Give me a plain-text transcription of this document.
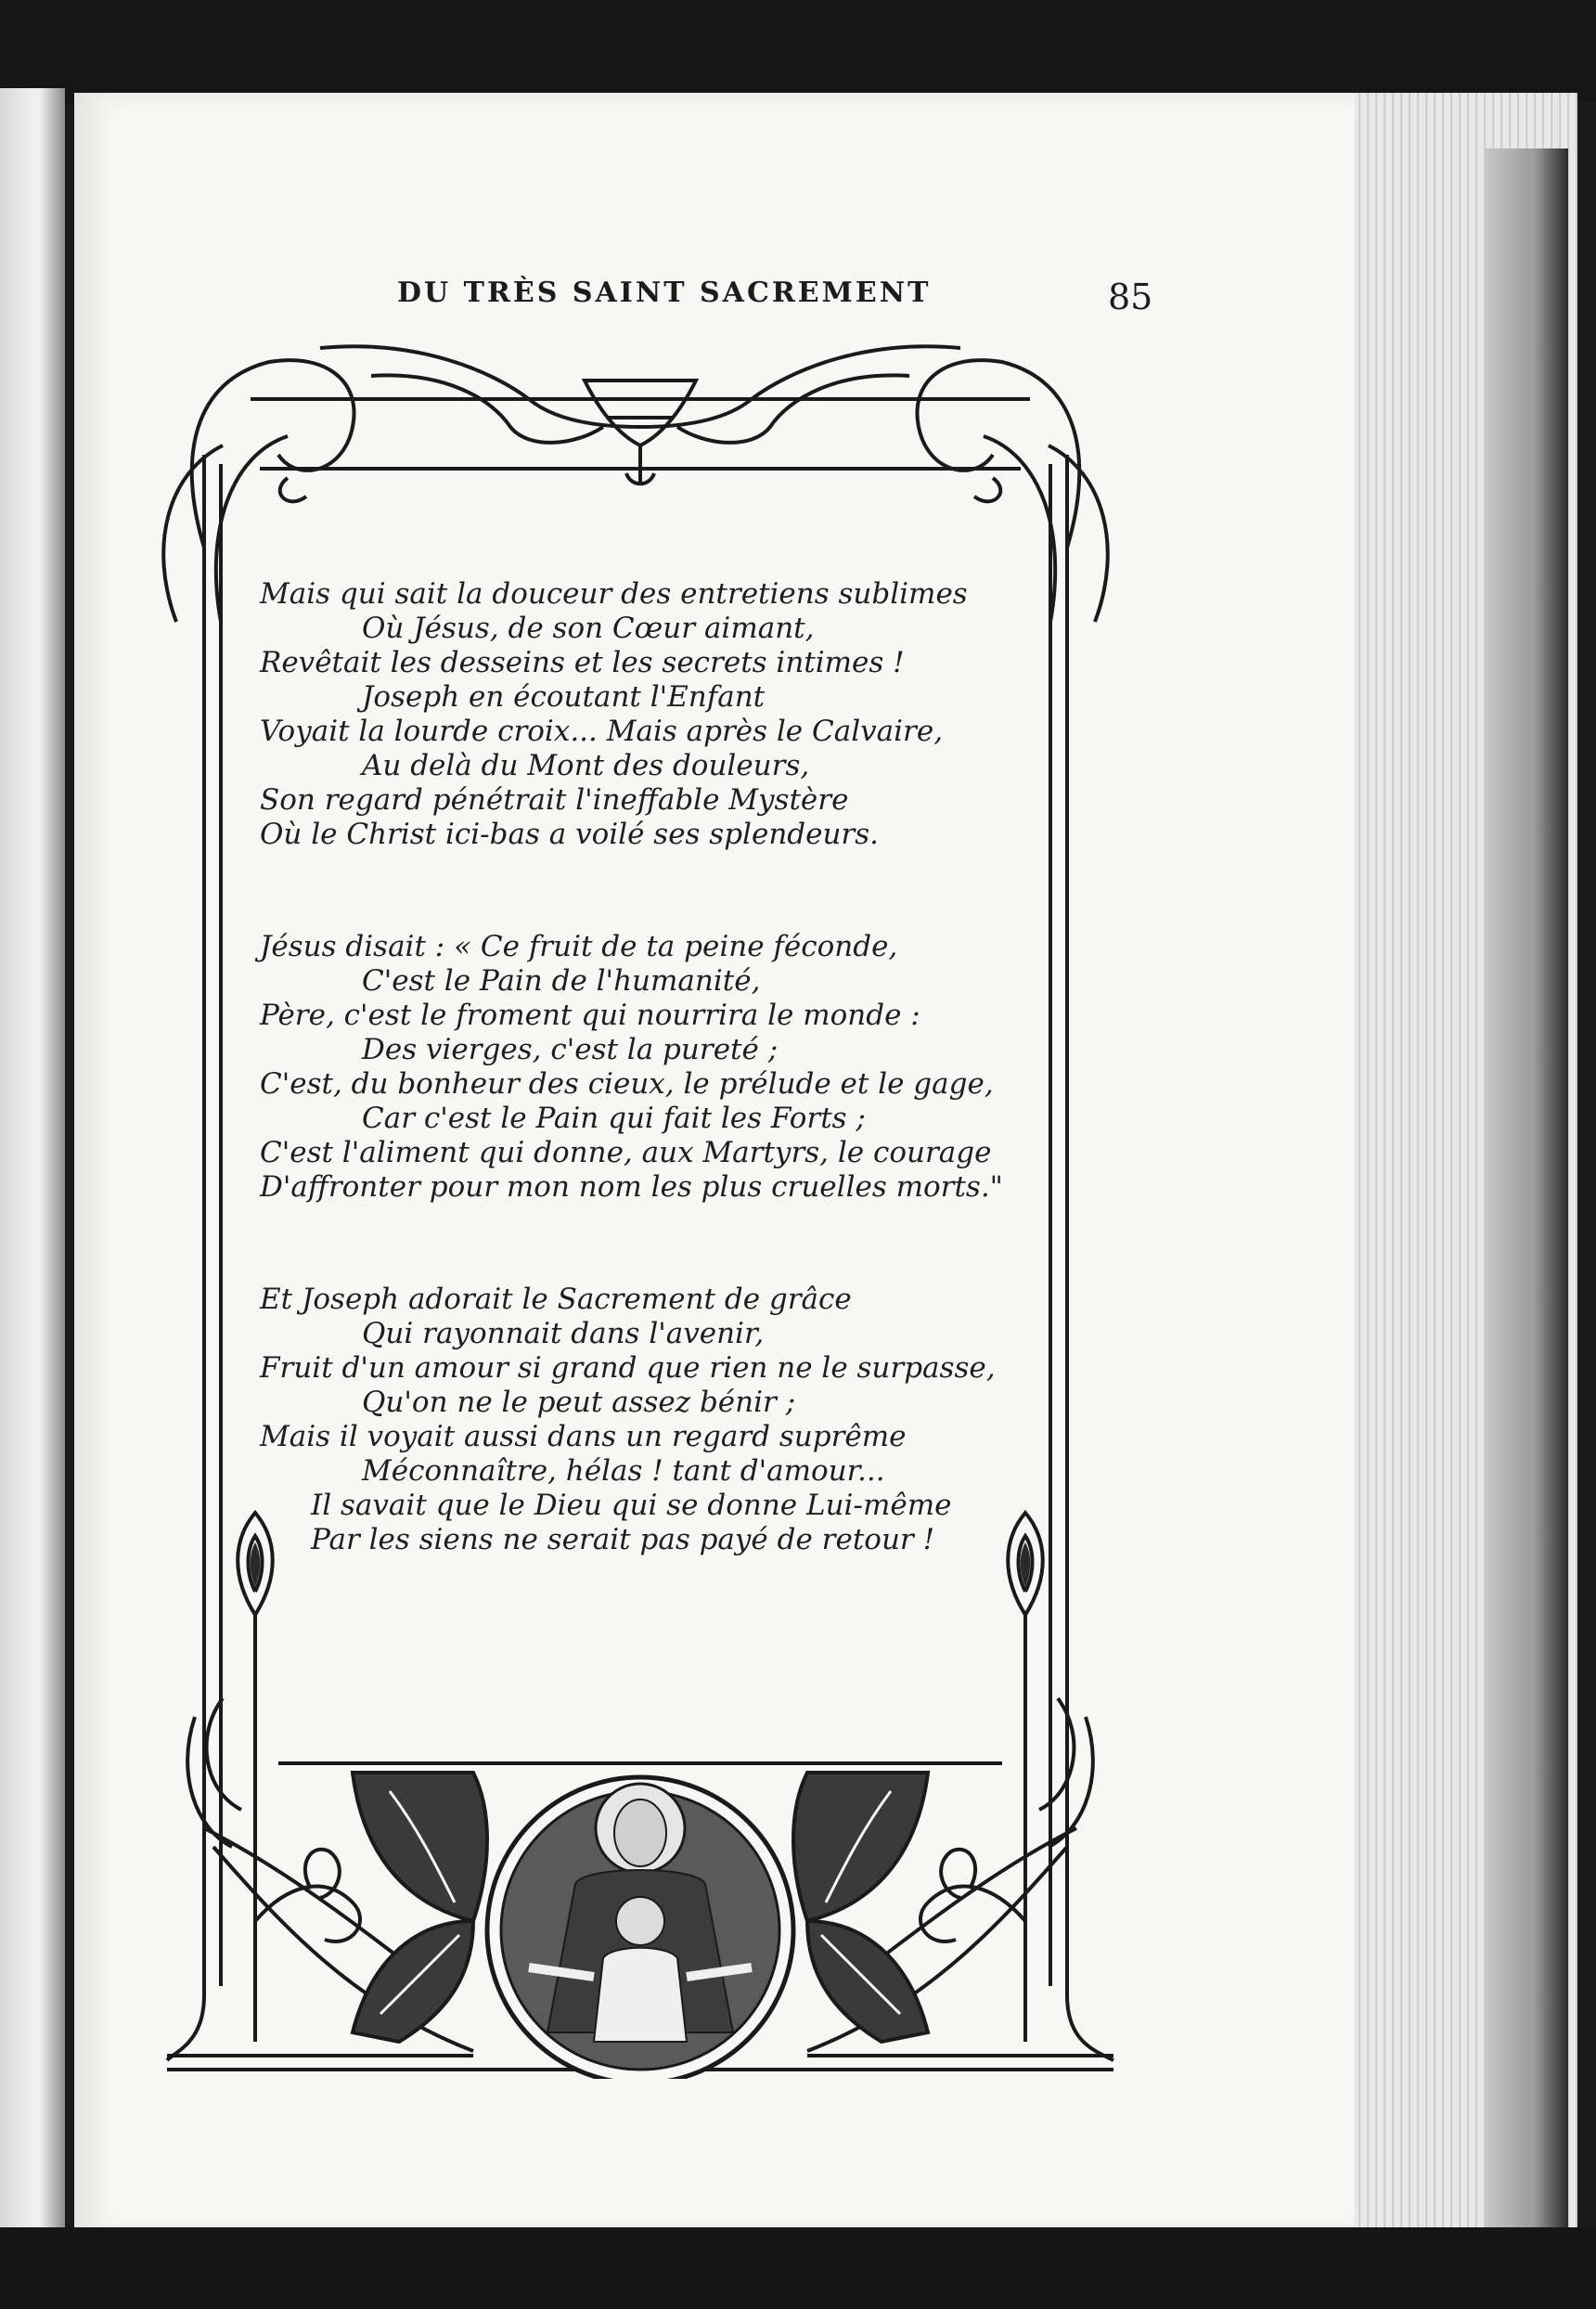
DU TRÈS SAINT SACREMENT	85
Mais qui sait la douceur des entretiens sublimes
Où Jésus, de son Cœur aimant,
Revêtait les desseins et les secrets intimes !
Joseph en écoutant l'Enfant
Voyait la lourde croix... Mais après le Calvaire,
Au delà du Mont des douleurs,
Son regard pénétrait l'ineffable Mystère
Où le Christ ici-bas a voilé ses splendeurs.
Jésus disait : « Ce fruit de ta peine féconde,
C'est le Pain de l'humanité,
Père, c'est le froment qui nourrira le monde :
Des vierges, c'est la pureté ;
C'est, du bonheur des cieux, le prélude et le gage,
Car c'est le Pain qui fait les Forts ;
C'est l'aliment qui donne, aux Martyrs, le courage
D'affronter pour mon nom les plus cruelles morts."
Et Joseph adorait le Sacrement de grâce
Qui rayonnait dans l'avenir,
Fruit d'un amour si grand que rien ne le surpasse,
Qu'on ne le peut assez bénir ;
Mais il voyait aussi dans un regard suprême
Méconnaître, hélas ! tant d'amour...
Il savait que le Dieu qui se donne Lui-même
Par les siens ne serait pas payé de retour !
